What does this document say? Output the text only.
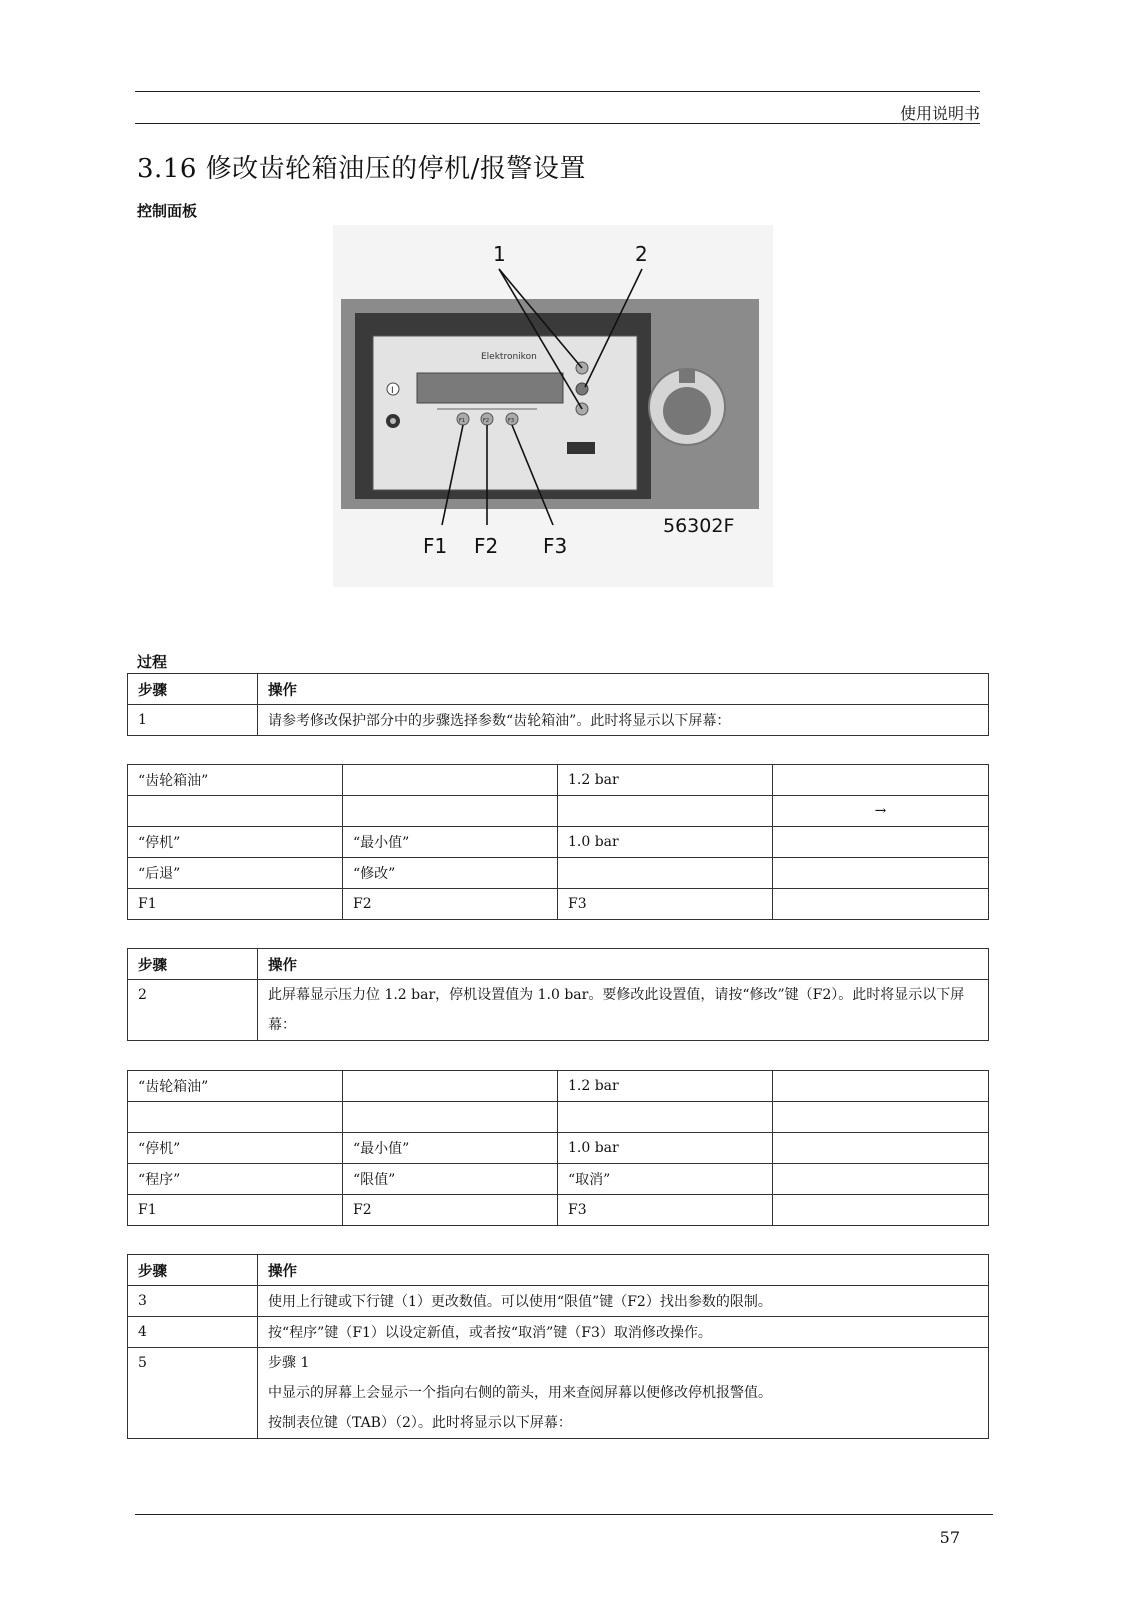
使用说明书
3.16 修改齿轮箱油压的停机/报警设置
控制面板
Elektronikon
I
F1	F2	F3
1	2
F1 F2 F3
56302F
过程
步骤	操作
1	请参考修改保护部分中的步骤选择参数“齿轮箱油”。此时将显示以下屏幕：
“齿轮箱油”		1.2 bar	
			→
“停机”	“最小值”	1.0 bar	
“后退”	“修改”		
F1	F2	F3	
步骤	操作
2	此屏幕显示压力位 1.2 bar，停机设置值为 1.0 bar。要修改此设置值，请按“修改”键（F2）。此时将显示以下屏幕：
“齿轮箱油”		1.2 bar	

“停机”	“最小值”	1.0 bar	
“程序”	“限值”	“取消”	
F1	F2	F3	
步骤	操作
3	使用上行键或下行键（1）更改数值。可以使用“限值”键（F2）找出参数的限制。
4	按“程序”键（F1）以设定新值，或者按“取消”键（F3）取消修改操作。
5	步骤 1
中显示的屏幕上会显示一个指向右侧的箭头，用来查阅屏幕以便修改停机报警值。
按制表位键（TAB）（2）。此时将显示以下屏幕：
57
